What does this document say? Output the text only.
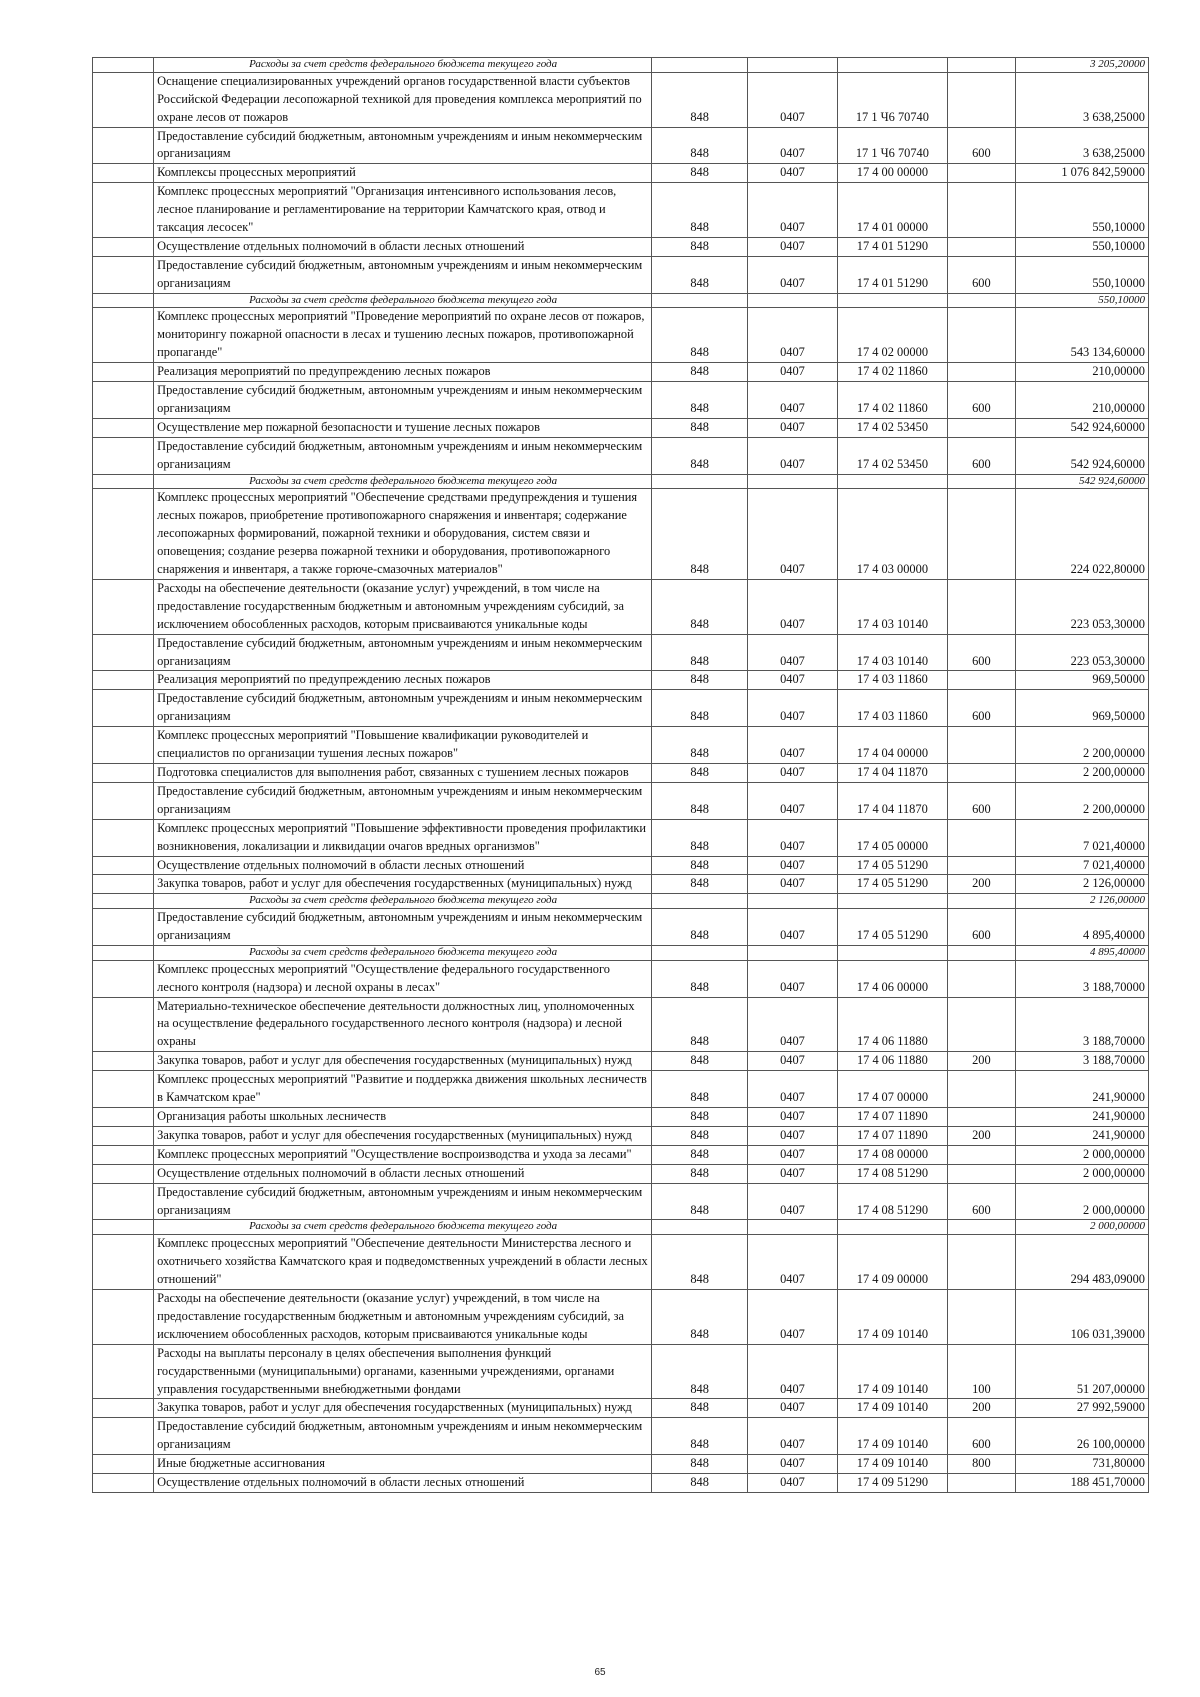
	Расходы за счет средств федерального бюджета текущего года					3 205,20000
	Оснащение специализированных учреждений органов государственной власти субъектов Российской Федерации лесопожарной техникой для проведения комплекса мероприятий по охране лесов от пожаров	848	0407	17 1 Ч6 70740		3 638,25000
	Предоставление субсидий бюджетным, автономным учреждениям и иным некоммерческим организациям	848	0407	17 1 Ч6 70740	600	3 638,25000
	Комплексы процессных мероприятий	848	0407	17 4 00 00000		1 076 842,59000
	Комплекс процессных мероприятий "Организация интенсивного использования лесов, лесное планирование и регламентирование на территории Камчатского края, отвод и таксация лесосек"	848	0407	17 4 01 00000		550,10000
	Осуществление отдельных полномочий в области лесных отношений	848	0407	17 4 01 51290		550,10000
	Предоставление субсидий бюджетным, автономным учреждениям и иным некоммерческим организациям	848	0407	17 4 01 51290	600	550,10000
	Расходы за счет средств федерального бюджета текущего года					550,10000
	Комплекс процессных мероприятий "Проведение мероприятий по охране лесов от пожаров, мониторингу пожарной опасности в лесах и тушению лесных пожаров, противопожарной пропаганде"	848	0407	17 4 02 00000		543 134,60000
	Реализация мероприятий по предупреждению лесных пожаров	848	0407	17 4 02 11860		210,00000
	Предоставление субсидий бюджетным, автономным учреждениям и иным некоммерческим организациям	848	0407	17 4 02 11860	600	210,00000
	Осуществление мер пожарной безопасности и тушение лесных пожаров	848	0407	17 4 02 53450		542 924,60000
	Предоставление субсидий бюджетным, автономным учреждениям и иным некоммерческим организациям	848	0407	17 4 02 53450	600	542 924,60000
	Расходы за счет средств федерального бюджета текущего года					542 924,60000
	Комплекс процессных мероприятий "Обеспечение средствами предупреждения и тушения лесных пожаров, приобретение противопожарного снаряжения и инвентаря; содержание лесопожарных формирований, пожарной техники и оборудования, систем связи и оповещения; создание резерва пожарной техники и оборудования, противопожарного снаряжения и инвентаря, а также горюче-смазочных материалов"	848	0407	17 4 03 00000		224 022,80000
	Расходы на обеспечение деятельности (оказание услуг) учреждений, в том числе на предоставление государственным бюджетным и автономным учреждениям субсидий, за исключением обособленных расходов, которым присваиваются уникальные коды	848	0407	17 4 03 10140		223 053,30000
	Предоставление субсидий бюджетным, автономным учреждениям и иным некоммерческим организациям	848	0407	17 4 03 10140	600	223 053,30000
	Реализация мероприятий по предупреждению лесных пожаров	848	0407	17 4 03 11860		969,50000
	Предоставление субсидий бюджетным, автономным учреждениям и иным некоммерческим организациям	848	0407	17 4 03 11860	600	969,50000
	Комплекс процессных мероприятий "Повышение квалификации руководителей и специалистов по организации тушения лесных пожаров"	848	0407	17 4 04 00000		2 200,00000
	Подготовка специалистов для выполнения работ, связанных с тушением лесных пожаров	848	0407	17 4 04 11870		2 200,00000
	Предоставление субсидий бюджетным, автономным учреждениям и иным некоммерческим организациям	848	0407	17 4 04 11870	600	2 200,00000
	Комплекс процессных мероприятий "Повышение эффективности проведения профилактики возникновения, локализации и ликвидации очагов вредных организмов"	848	0407	17 4 05 00000		7 021,40000
	Осуществление отдельных полномочий в области лесных отношений	848	0407	17 4 05 51290		7 021,40000
	Закупка товаров, работ и услуг для обеспечения государственных (муниципальных) нужд	848	0407	17 4 05 51290	200	2 126,00000
	Расходы за счет средств федерального бюджета текущего года					2 126,00000
	Предоставление субсидий бюджетным, автономным учреждениям и иным некоммерческим организациям	848	0407	17 4 05 51290	600	4 895,40000
	Расходы за счет средств федерального бюджета текущего года					4 895,40000
	Комплекс процессных мероприятий "Осуществление федерального государственного лесного контроля (надзора) и лесной охраны в лесах"	848	0407	17 4 06 00000		3 188,70000
	Материально-техническое обеспечение деятельности должностных лиц, уполномоченных на осуществление федерального государственного лесного контроля (надзора) и лесной охраны	848	0407	17 4 06 11880		3 188,70000
	Закупка товаров, работ и услуг для обеспечения государственных (муниципальных) нужд	848	0407	17 4 06 11880	200	3 188,70000
	Комплекс процессных мероприятий "Развитие и поддержка движения школьных лесничеств в Камчатском крае"	848	0407	17 4 07 00000		241,90000
	Организация работы школьных лесничеств	848	0407	17 4 07 11890		241,90000
	Закупка товаров, работ и услуг для обеспечения государственных (муниципальных) нужд	848	0407	17 4 07 11890	200	241,90000
	Комплекс процессных мероприятий "Осуществление воспроизводства и ухода за лесами"	848	0407	17 4 08 00000		2 000,00000
	Осуществление отдельных полномочий в области лесных отношений	848	0407	17 4 08 51290		2 000,00000
	Предоставление субсидий бюджетным, автономным учреждениям и иным некоммерческим организациям	848	0407	17 4 08 51290	600	2 000,00000
	Расходы за счет средств федерального бюджета текущего года					2 000,00000
	Комплекс процессных мероприятий "Обеспечение деятельности Министерства лесного и охотничьего хозяйства Камчатского края и подведомственных учреждений в области лесных отношений"	848	0407	17 4 09 00000		294 483,09000
	Расходы на обеспечение деятельности (оказание услуг) учреждений, в том числе на предоставление государственным бюджетным и автономным учреждениям субсидий, за исключением обособленных расходов, которым присваиваются уникальные коды	848	0407	17 4 09 10140		106 031,39000
	Расходы на выплаты персоналу в целях обеспечения выполнения функций государственными (муниципальными) органами, казенными учреждениями, органами управления государственными внебюджетными фондами	848	0407	17 4 09 10140	100	51 207,00000
	Закупка товаров, работ и услуг для обеспечения государственных (муниципальных) нужд	848	0407	17 4 09 10140	200	27 992,59000
	Предоставление субсидий бюджетным, автономным учреждениям и иным некоммерческим организациям	848	0407	17 4 09 10140	600	26 100,00000
	Иные бюджетные ассигнования	848	0407	17 4 09 10140	800	731,80000
	Осуществление отдельных полномочий в области лесных отношений	848	0407	17 4 09 51290		188 451,70000
65
